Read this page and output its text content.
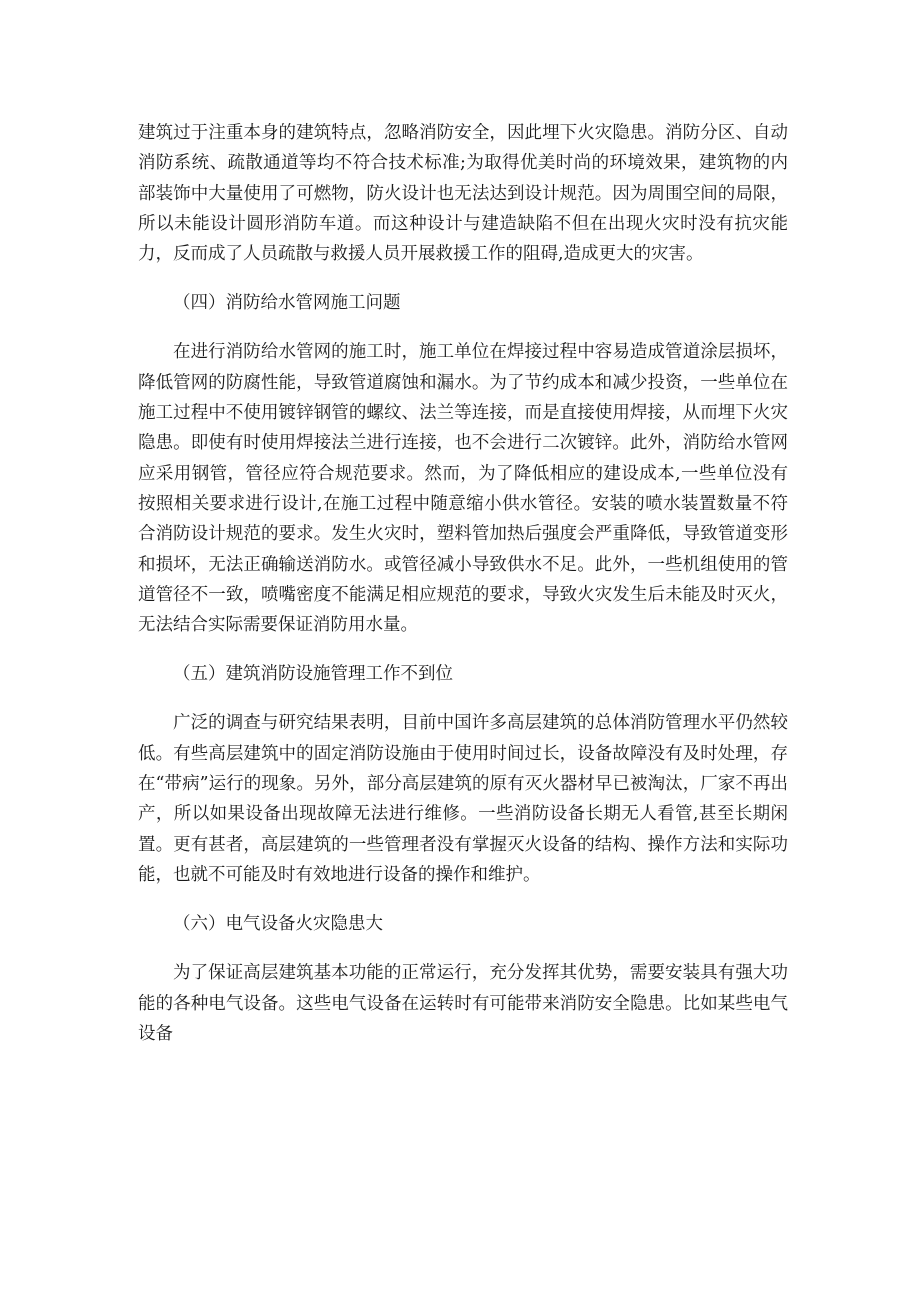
建筑过于注重本身的建筑特点，忽略消防安全，因此埋下火灾隐患。消防分区、自动消防系统、疏散通道等均不符合技术标准;为取得优美时尚的环境效果，建筑物的内部装饰中大量使用了可燃物，防火设计也无法达到设计规范。因为周围空间的局限，所以未能设计圆形消防车道。而这种设计与建造缺陷不但在出现火灾时没有抗灾能力，反而成了人员疏散与救援人员开展救援工作的阻碍,造成更大的灾害。

（四）消防给水管网施工问题

在进行消防给水管网的施工时，施工单位在焊接过程中容易造成管道涂层损坏，降低管网的防腐性能，导致管道腐蚀和漏水。为了节约成本和减少投资，一些单位在施工过程中不使用镀锌钢管的螺纹、法兰等连接，而是直接使用焊接，从而埋下火灾隐患。即使有时使用焊接法兰进行连接，也不会进行二次镀锌。此外，消防给水管网应采用钢管，管径应符合规范要求。然而，为了降低相应的建设成本,一些单位没有按照相关要求进行设计,在施工过程中随意缩小供水管径。安装的喷水装置数量不符合消防设计规范的要求。发生火灾时，塑料管加热后强度会严重降低，导致管道变形和损坏，无法正确输送消防水。或管径减小导致供水不足。此外，一些机组使用的管道管径不一致，喷嘴密度不能满足相应规范的要求，导致火灾发生后未能及时灭火，无法结合实际需要保证消防用水量。

（五）建筑消防设施管理工作不到位

广泛的调查与研究结果表明，目前中国许多高层建筑的总体消防管理水平仍然较低。有些高层建筑中的固定消防设施由于使用时间过长，设备故障没有及时处理，存在“带病”运行的现象。另外，部分高层建筑的原有灭火器材早已被淘汰，厂家不再出产，所以如果设备出现故障无法进行维修。一些消防设备长期无人看管,甚至长期闲置。更有甚者，高层建筑的一些管理者没有掌握灭火设备的结构、操作方法和实际功能，也就不可能及时有效地进行设备的操作和维护。

（六）电气设备火灾隐患大

为了保证高层建筑基本功能的正常运行，充分发挥其优势，需要安装具有强大功能的各种电气设备。这些电气设备在运转时有可能带来消防安全隐患。比如某些电气设备
